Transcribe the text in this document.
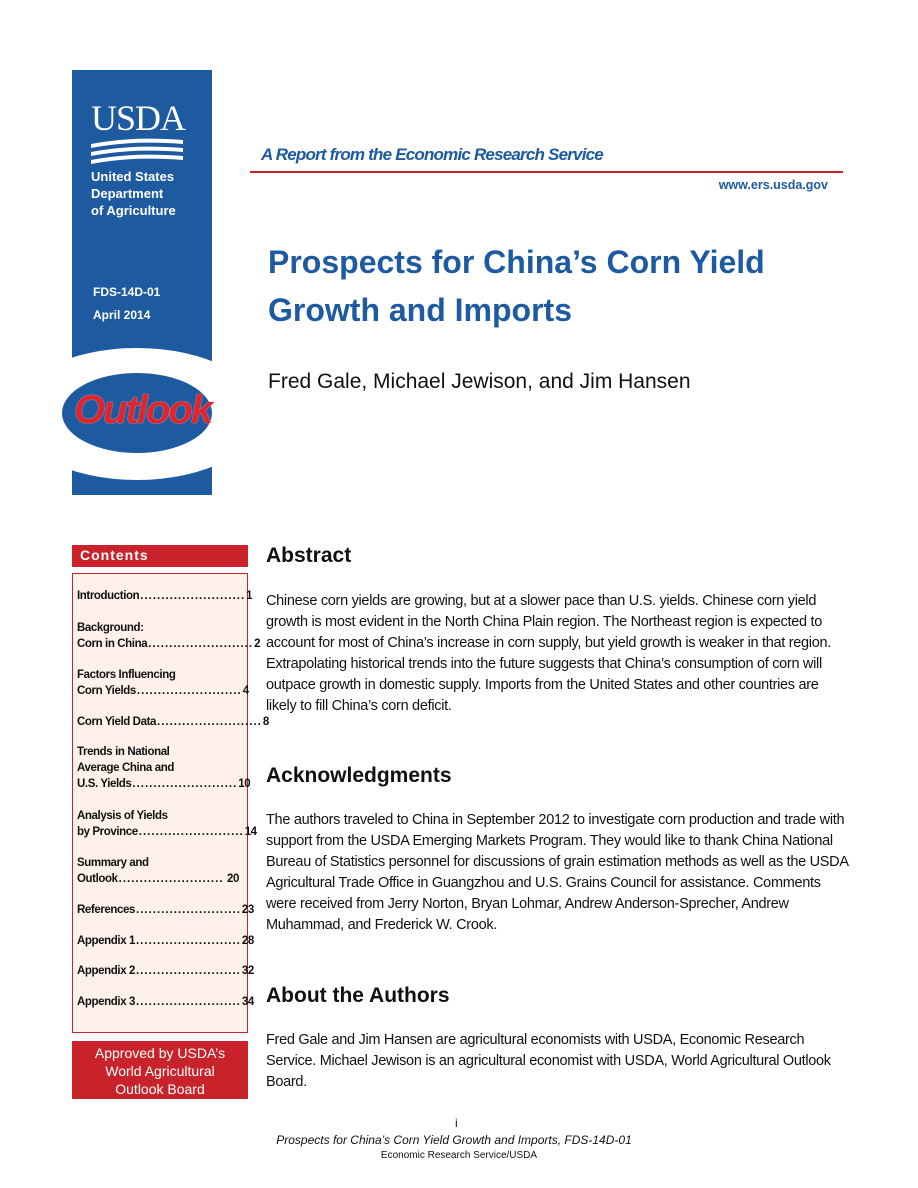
USDA
United States
Department
of Agriculture
FDS-14D-01
April 2014
Outlook
A Report from the Economic Research Service
www.ers.usda.gov
Prospects for China’s Corn Yield Growth and Imports
Fred Gale, Michael Jewison, and Jim Hansen
Contents
Introduction ......................... 1
Background:
Corn in China ......................... 2
Factors Influencing
Corn Yields ......................... 4
Corn Yield Data ......................... 8
Trends in National
Average China and
U.S. Yields ......................... 10
Analysis of Yields
by Province ......................... 14
Summary and
Outlook ......................... 20
References ......................... 23
Appendix 1 ......................... 28
Appendix 2 ......................... 32
Appendix 3 ......................... 34
Approved by USDA’s
World Agricultural
Outlook Board
Abstract

Chinese corn yields are growing, but at a slower pace than U.S. yields. Chinese corn yield growth is most evident in the North China Plain region. The Northeast region is expected to account for most of China’s increase in corn supply, but yield growth is weaker in that region. Extrapolating historical trends into the future suggests that China’s consumption of corn will outpace growth in domestic supply. Imports from the United States and other countries are likely to fill China’s corn deficit.

Acknowledgments

The authors traveled to China in September 2012 to investigate corn production and trade with support from the USDA Emerging Markets Program. They would like to thank China National Bureau of Statistics personnel for discussions of grain estimation methods as well as the USDA Agricultural Trade Office in Guangzhou and U.S. Grains Council for assistance. Comments were received from Jerry Norton, Bryan Lohmar, Andrew Anderson-Sprecher, Andrew Muhammad, and Frederick W. Crook.

About the Authors

Fred Gale and Jim Hansen are agricultural economists with USDA, Economic Research Service. Michael Jewison is an agricultural economist with USDA, World Agricultural Outlook Board.

i
Prospects for China’s Corn Yield Growth and Imports, FDS-14D-01
Economic Research Service/USDA
